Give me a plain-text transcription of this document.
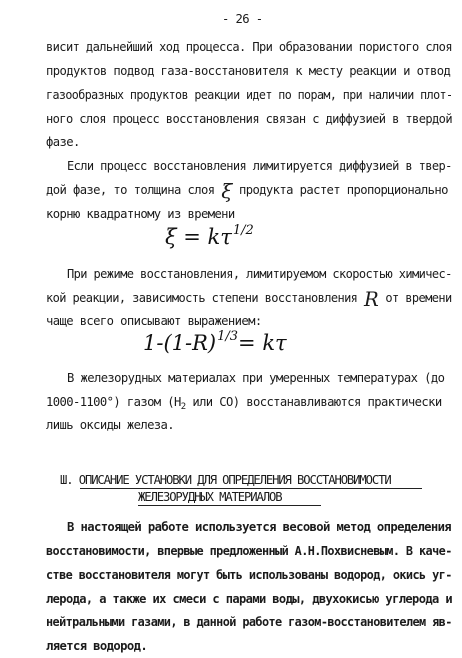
- 26 -
висит дальнейший ход процесса. При образовании пористого слоя
продуктов подвод газа-восстановителя к месту реакции и отвод
газообразных продуктов реакции идет по порам, при наличии плот-
ного слоя процесс восстановления связан с диффузией в твердой
фазе.
Если процесс восстановления лимитируется диффузией в твер-
дой фазе, то толщина слоя ξ продукта растет пропорционально
корню квадратному из времени
$\xi = k\tau^{1/2}$
При режиме восстановления, лимитируемом скоростью химичес-
кой реакции, зависимость степени восстановления R от времени
чаще всего описывают выражением:
$1-(1-R)^{1/3}= k\tau$
В железорудных материалах при умеренных температурах (до
1000-1100°) газом ($H_2$ или CO) восстанавливаются практически
лишь оксиды железа.
Ш. ОПИСАНИЕ УСТАНОВКИ ДЛЯ ОПРЕДЕЛЕНИЯ ВОССТАНОВИМОСТИ
ЖЕЛЕЗОРУДНЫХ МАТЕРИАЛОВ
В настоящей работе используется весовой метод определения
восстановимости, впервые предложенный А.Н.Похвисневым. В каче-
стве восстановителя могут быть использованы водород, окись уг-
лерода, а также их смеси с парами воды, двухокисью углерода и
нейтральными газами, в данной работе газом-восстановителем яв-
ляется водород.
